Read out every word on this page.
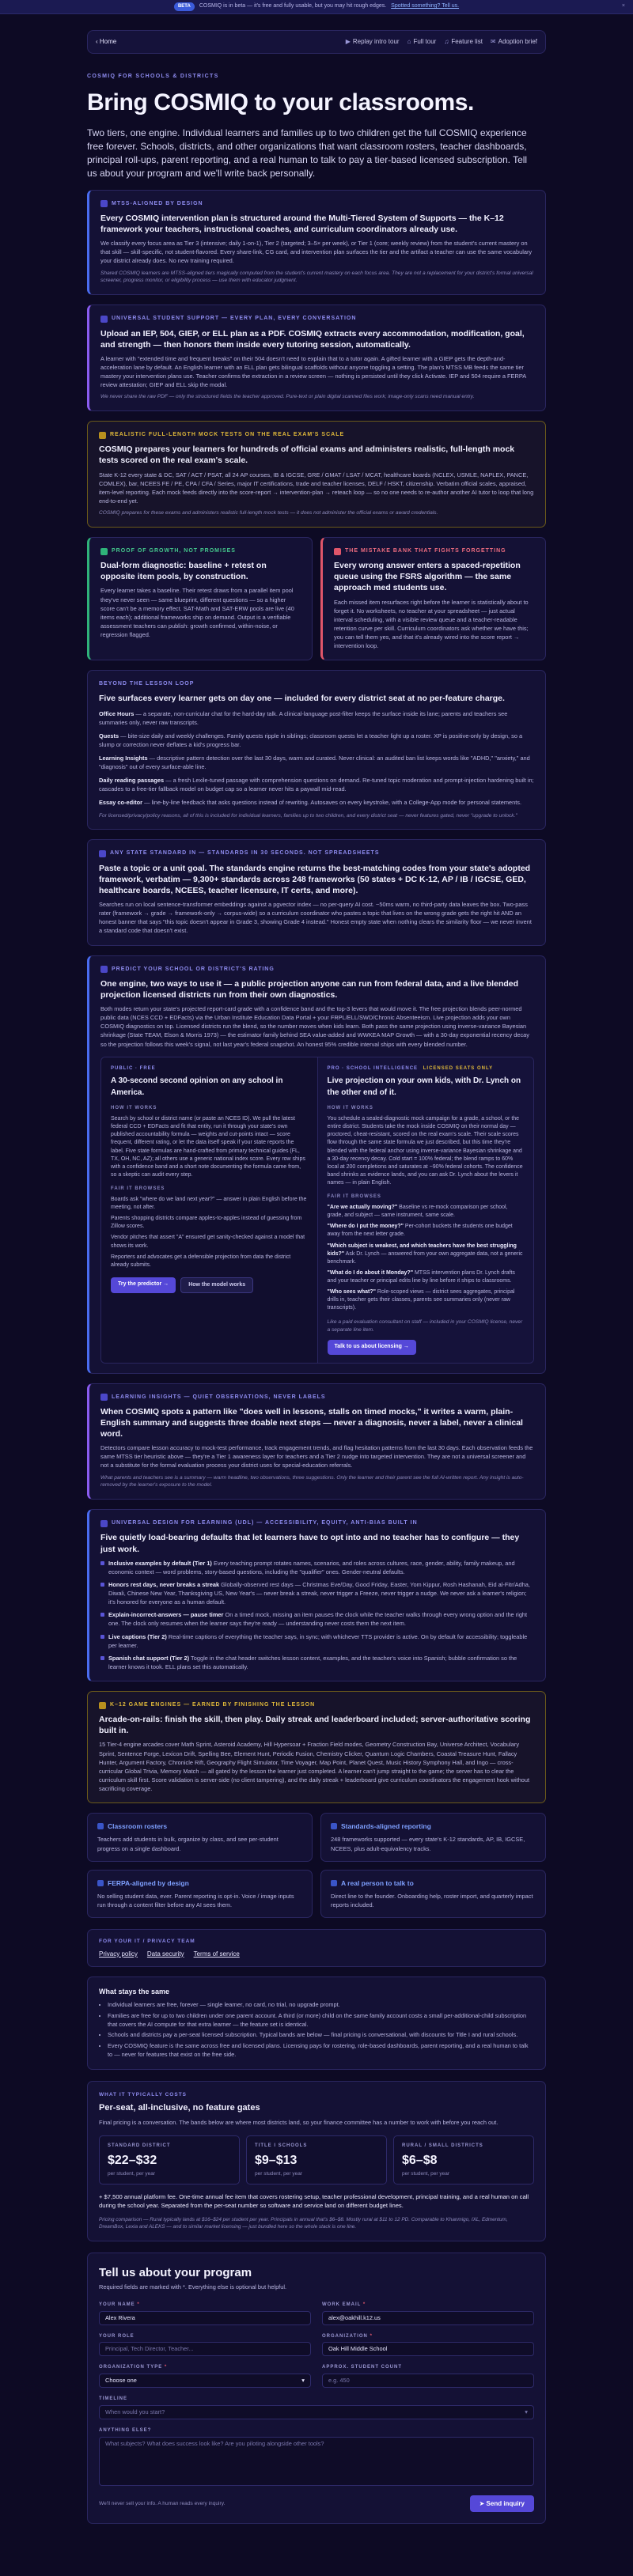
BETA	COSMIQ is in beta — it's free and fully usable, but you may hit rough edges. Spotted something? Tell us.	×
‹ Home	▶ Replay intro tour ⌂ Full tour ♫ Feature list ✉ Adoption brief
COSMIQ FOR SCHOOLS & DISTRICTS
Bring COSMIQ to your classrooms.

Two tiers, one engine. Individual learners and families up to two children get the full COSMIQ experience free forever. Schools, districts, and other organizations that want classroom rosters, teacher dashboards, principal roll-ups, parent reporting, and a real human to talk to pay a tier-based licensed subscription. Tell us about your program and we'll write back personally.

MTSS-ALIGNED BY DESIGN
Every COSMIQ intervention plan is structured around the Multi-Tiered System of Supports — the K–12 framework your teachers, instructional coaches, and curriculum coordinators already use.

We classify every focus area as Tier 3 (intensive; daily 1-on-1), Tier 2 (targeted; 3–5× per week), or Tier 1 (core; weekly review) from the student's current mastery on that skill — skill-specific, not student-flavored. Every share-link, CG card, and intervention plan surfaces the tier and the artifact a teacher can use the same vocabulary your district already does. No new training required.

Shared COSMIQ learners are MTSS-aligned tiers magically computed from the student's current mastery on each focus area. They are not a replacement for your district's formal universal screener, progress monitor, or eligibility process — use them with educator judgment.

UNIVERSAL STUDENT SUPPORT — EVERY PLAN, EVERY CONVERSATION
Upload an IEP, 504, GIEP, or ELL plan as a PDF. COSMIQ extracts every accommodation, modification, goal, and strength — then honors them inside every tutoring session, automatically.

A learner with "extended time and frequent breaks" on their 504 doesn't need to explain that to a tutor again. A gifted learner with a GIEP gets the depth-and-acceleration lane by default. An English learner with an ELL plan gets bilingual scaffolds without anyone toggling a setting. The plan's MTSS MB feeds the same tier mastery your intervention plans use. Teacher confirms the extraction in a review screen — nothing is persisted until they click Activate. IEP and 504 require a FERPA review attestation; GIEP and ELL skip the modal.

We never share the raw PDF — only the structured fields the teacher approved. Pure-text or plain digital scanned files work; image-only scans need manual entry.

REALISTIC FULL-LENGTH MOCK TESTS ON THE REAL EXAM'S SCALE
COSMIQ prepares your learners for hundreds of official exams and administers realistic, full-length mock tests scored on the real exam's scale.

State K-12 every state & DC, SAT / ACT / PSAT, all 24 AP courses, IB & IGCSE, GRE / GMAT / LSAT / MCAT, healthcare boards (NCLEX, USMLE, NAPLEX, PANCE, COMLEX), bar, NCEES FE / PE, CPA / CFA / Series, major IT certifications, trade and teacher licenses, DELF / HSKT, citizenship. Verbatim official scales, appraised, item-level reporting. Each mock feeds directly into the score-report → intervention-plan → reteach loop — so no one needs to re-author another AI tutor to loop that long end-to-end yet.

COSMIQ prepares for these exams and administers realistic full-length mock tests — it does not administer the official exams or award credentials.

PROOF OF GROWTH, NOT PROMISES
Dual-form diagnostic: baseline + retest on opposite item pools, by construction.

Every learner takes a baseline. Their retest draws from a parallel item pool they've never seen — same blueprint, different questions — so a higher score can't be a memory effect. SAT-Math and SAT-ERW pools are live (40 items each); additional frameworks ship on demand. Output is a verifiable assessment teachers can publish: growth confirmed, within-noise, or regression flagged.

THE MISTAKE BANK THAT FIGHTS FORGETTING
Every wrong answer enters a spaced-repetition queue using the FSRS algorithm — the same approach med students use.

Each missed item resurfaces right before the learner is statistically about to forget it. No worksheets, no teacher at your spreadsheet — just actual interval scheduling, with a visible review queue and a teacher-readable retention curve per skill. Curriculum coordinators ask whether we have this; you can tell them yes, and that it's already wired into the score report → intervention loop.

BEYOND THE LESSON LOOP
Five surfaces every learner gets on day one — included for every district seat at no per-feature charge.

Office Hours — a separate, non-curricular chat for the hard-day talk. A clinical-language post-filter keeps the surface inside its lane; parents and teachers see summaries only, never raw transcripts.

Quests — bite-size daily and weekly challenges. Family quests ripple in siblings; classroom quests let a teacher light up a roster. XP is positive-only by design, so a slump or correction never deflates a kid's progress bar.

Learning Insights — descriptive pattern detection over the last 30 days, warm and curated. Never clinical: an audited ban list keeps words like "ADHD," "anxiety," and "diagnosis" out of every surface-able line.

Daily reading passages — a fresh Lexile-tuned passage with comprehension questions on demand. Re-tuned topic moderation and prompt-injection hardening built in; cascades to a free-tier fallback model on budget cap so a learner never hits a paywall mid-read.

Essay co-editor — line-by-line feedback that asks questions instead of rewriting. Autosaves on every keystroke, with a College-App mode for personal statements.

For licensed/privacy/policy reasons, all of this is included for individual learners, families up to two children, and every district seat — never features gated, never "upgrade to unlock."

ANY STATE STANDARD IN — STANDARDS IN 30 SECONDS. NOT SPREADSHEETS
Paste a topic or a unit goal. The standards engine returns the best-matching codes from your state's adopted framework, verbatim — 9,300+ standards across 248 frameworks (50 states + DC K-12, AP / IB / IGCSE, GED, healthcare boards, NCEES, teacher licensure, IT certs, and more).

Searches run on local sentence-transformer embeddings against a pgvector index — no per-query AI cost. ~50ms warm, no third-party data leaves the box. Two-pass rater (framework → grade → framework-only → corpus-wide) so a curriculum coordinator who pastes a topic that lives on the wrong grade gets the right hit AND an honest banner that says "this topic doesn't appear in Grade 3, showing Grade 4 instead." Honest empty state when nothing clears the similarity floor — we never invent a standard code that doesn't exist.

PREDICT YOUR SCHOOL OR DISTRICT'S RATING
One engine, two ways to use it — a public projection anyone can run from federal data, and a live blended projection licensed districts run from their own diagnostics.

Both modes return your state's projected report-card grade with a confidence band and the top-3 levers that would move it. The free projection blends peer-normed public data (NCES CCD + EDFacts) via the Urban Institute Education Data Portal + your FRPL/ELL/SWD/Chronic Absenteeism. Live projection adds your own COSMIQ diagnostics on top. Licensed districts run the blend, so the number moves when kids learn. Both pass the same projection using inverse-variance Bayesian shrinkage (State TEAM, Elson & Morris 1973) — the estimator family behind SEA value-added and WWKEA MAP Growth — with a 30-day exponential recency decay so the projection follows this week's signal, not last year's federal snapshot. An honest 95% credible interval ships with every blended number.

PUBLIC · FREE
A 30-second second opinion on any school in America.
HOW IT WORKS
Search by school or district name (or paste an NCES ID). We pull the latest federal CCD + EDFacts and fit that entity, run it through your state's own published accountability formula — weights and cut-points intact — score frequent, different rating, or let the data itself speak if your state reports the label. Five state formulas are hand-crafted from primary technical guides (FL, TX, OH, NC, AZ); all others use a generic national index score. Every row ships with a confidence band and a short note documenting the formula came from, so a skeptic can audit every step.
FAIR IT BROWSES
Boards ask "where do we land next year?" — answer in plain English before the meeting, not after.
Parents shopping districts compare apples-to-apples instead of guessing from Zillow scores.
Vendor pitches that assert "A" ensured get sanity-checked against a model that shows its work.
Reporters and advocates get a defensible projection from data the district already submits.
Try the predictor →	How the model works
PRO · SCHOOL INTELLIGENCE LICENSED SEATS ONLY
Live projection on your own kids, with Dr. Lynch on the other end of it.
HOW IT WORKS
You schedule a sealed-diagnostic mock campaign for a grade, a school, or the entire district. Students take the mock inside COSMIQ on their normal day — proctored, cheat-resistant, scored on the real exam's scale. Their scale scores flow through the same state formula we just described, but this time they're blended with the federal anchor using inverse-variance Bayesian shrinkage and a 30-day recency decay. Cold start = 100% federal; the blend ramps to 60% local at 200 completions and saturates at ~90% federal cohorts. The confidence band shrinks as evidence lands, and you can ask Dr. Lynch about the levers it names — in plain English.
FAIR IT BROWSES
"Are we actually moving?" Baseline vs re-mock comparison per school, grade, and subject — same instrument, same scale.
"Where do I put the money?" Per-cohort buckets the students one budget away from the next letter grade.
"Which subject is weakest, and which teachers have the best struggling kids?" Ask Dr. Lynch — answered from your own aggregate data, not a generic benchmark.
"What do I do about it Monday?" MTSS intervention plans Dr. Lynch drafts and your teacher or principal edits line by line before it ships to classrooms.
"Who sees what?" Role-scoped views — district sees aggregates, principal drills in, teacher gets their classes, parents see summaries only (never raw transcripts).

Like a paid evaluation consultant on staff — included in your COSMIQ license, never a separate line item.

Talk to us about licensing →
LEARNING INSIGHTS — QUIET OBSERVATIONS, NEVER LABELS
When COSMIQ spots a pattern like "does well in lessons, stalls on timed mocks," it writes a warm, plain-English summary and suggests three doable next steps — never a diagnosis, never a label, never a clinical word.

Detectors compare lesson accuracy to mock-test performance, track engagement trends, and flag hesitation patterns from the last 30 days. Each observation feeds the same MTSS tier heuristic above — they're a Tier 1 awareness layer for teachers and a Tier 2 nudge into targeted intervention. They are not a universal screener and not a substitute for the formal evaluation process your district uses for special-education referrals.

What parents and teachers see is a summary — warm headline, two observations, three suggestions. Only the learner and their parent see the full AI-written report. Any insight is auto-removed by the learner's exposure to the model.

UNIVERSAL DESIGN FOR LEARNING (UDL) — ACCESSIBILITY, EQUITY, ANTI-BIAS BUILT IN
Five quietly load-bearing defaults that let learners have to opt into and no teacher has to configure — they just work.

Inclusive examples by default (Tier 1) Every teaching prompt rotates names, scenarios, and roles across cultures, race, gender, ability, family makeup, and economic context — word problems, story-based questions, including the "qualifier" ones. Gender-neutral defaults.

Honors rest days, never breaks a streak Globally-observed rest days — Christmas Eve/Day, Good Friday, Easter, Yom Kippur, Rosh Hashanah, Eid al-Fitr/Adha, Diwali, Chinese New Year, Thanksgiving US, New Year's — never break a streak, never trigger a Freeze, never trigger a nudge. We never ask a learner's religion; it's honored for everyone as a human default.

Explain-incorrect-answers — pause timer On a timed mock, missing an item pauses the clock while the teacher walks through every wrong option and the right one. The clock only resumes when the learner says they're ready — understanding never costs them the next item.

Live captions (Tier 2) Real-time captions of everything the teacher says, in sync; with whichever TTS provider is active. On by default for accessibility; toggleable per learner.

Spanish chat support (Tier 2) Toggle in the chat header switches lesson content, examples, and the teacher's voice into Spanish; bubble confirmation so the learner knows it took. ELL plans set this automatically.

K–12 GAME ENGINES — EARNED BY FINISHING THE LESSON
Arcade-on-rails: finish the skill, then play. Daily streak and leaderboard included; server-authoritative scoring built in.

15 Tier-4 engine arcades cover Math Sprint, Asteroid Academy, Hill Hypersoar + Fraction Field modes, Geometry Construction Bay, Universe Architect, Vocabulary Sprint, Sentence Forge, Lexicon Drift, Spelling Bee, Element Hunt, Periodic Fusion, Chemistry Clicker, Quantum Logic Chambers, Coastal Treasure Hunt, Fallacy Hunter, Argument Factory, Chronicle Rift, Geography Flight Simulator, Time Voyager, Map Point, Planet Quest, Music History Symphony Hall, and Ingo — cross-curricular Global Trivia, Memory Match — all gated by the lesson the learner just completed. A learner can't jump straight to the game; the server has to clear the curriculum skill first. Score validation is server-side (no client tampering), and the daily streak + leaderboard give curriculum coordinators the engagement hook without sacrificing coverage.

Classroom rosters

Teachers add students in bulk, organize by class, and see per-student progress on a single dashboard.

Standards-aligned reporting

248 frameworks supported — every state's K-12 standards, AP, IB, IGCSE, NCEES, plus adult-equivalency tracks.

FERPA-aligned by design

No selling student data, ever. Parent reporting is opt-in. Voice / image inputs run through a content filter before any AI sees them.

A real person to talk to

Direct line to the founder. Onboarding help, roster import, and quarterly impact reports included.

FOR YOUR IT / PRIVACY TEAM
Privacy policy Data security Terms of service
What stays the same
• Individual learners are free, forever — single learner, no card, no trial, no upgrade prompt.
• Families are free for up to two children under one parent account. A third (or more) child on the same family account costs a small per-additional-child subscription that covers the AI compute for that extra learner — the feature set is identical.
• Schools and districts pay a per-seat licensed subscription. Typical bands are below — final pricing is conversational, with discounts for Title I and rural schools.
• Every COSMIQ feature is the same across free and licensed plans. Licensing pays for rostering, role-based dashboards, parent reporting, and a real human to talk to — never for features that exist on the free side.
WHAT IT TYPICALLY COSTS
Per-seat, all-inclusive, no feature gates

Final pricing is a conversation. The bands below are where most districts land, so your finance committee has a number to work with before you reach out.

STANDARD DISTRICT
$22–$32
per student, per year
TITLE I SCHOOLS
$9–$13
per student, per year
RURAL / SMALL DISTRICTS
$6–$8
per student, per year
+ $7,500 annual platform fee. One-time annual fee item that covers rostering setup, teacher professional development, principal training, and a real human on call during the school year. Separated from the per-seat number so software and service land on different budget lines.
Pricing comparison — Rural typically lands at $16–$24 per student per year. Principals in annual that's $6–$8. Mostly rural at $11 to 12 PD. Comparable to Khanmigo, IXL, Edmentum, DreamBox, Lexia and ALEKS — and to similar market licensing — just bundled here so the whole stack is one line.
Tell us about your program
Required fields are marked with *. Everything else is optional but helpful.
YOUR NAME *
Alex Rivera
WORK EMAIL *
alex@oakhill.k12.us
YOUR ROLE
Principal, Tech Director, Teacher...
ORGANIZATION *
Oak Hill Middle School
ORGANIZATION TYPE *
Choose one	▾
APPROX. STUDENT COUNT
e.g. 450
TIMELINE
When would you start?	▾
ANYTHING ELSE?
What subjects? What does success look like? Are you piloting alongside other tools?
We'll never sell your info. A human reads every inquiry.	➤ Send inquiry
